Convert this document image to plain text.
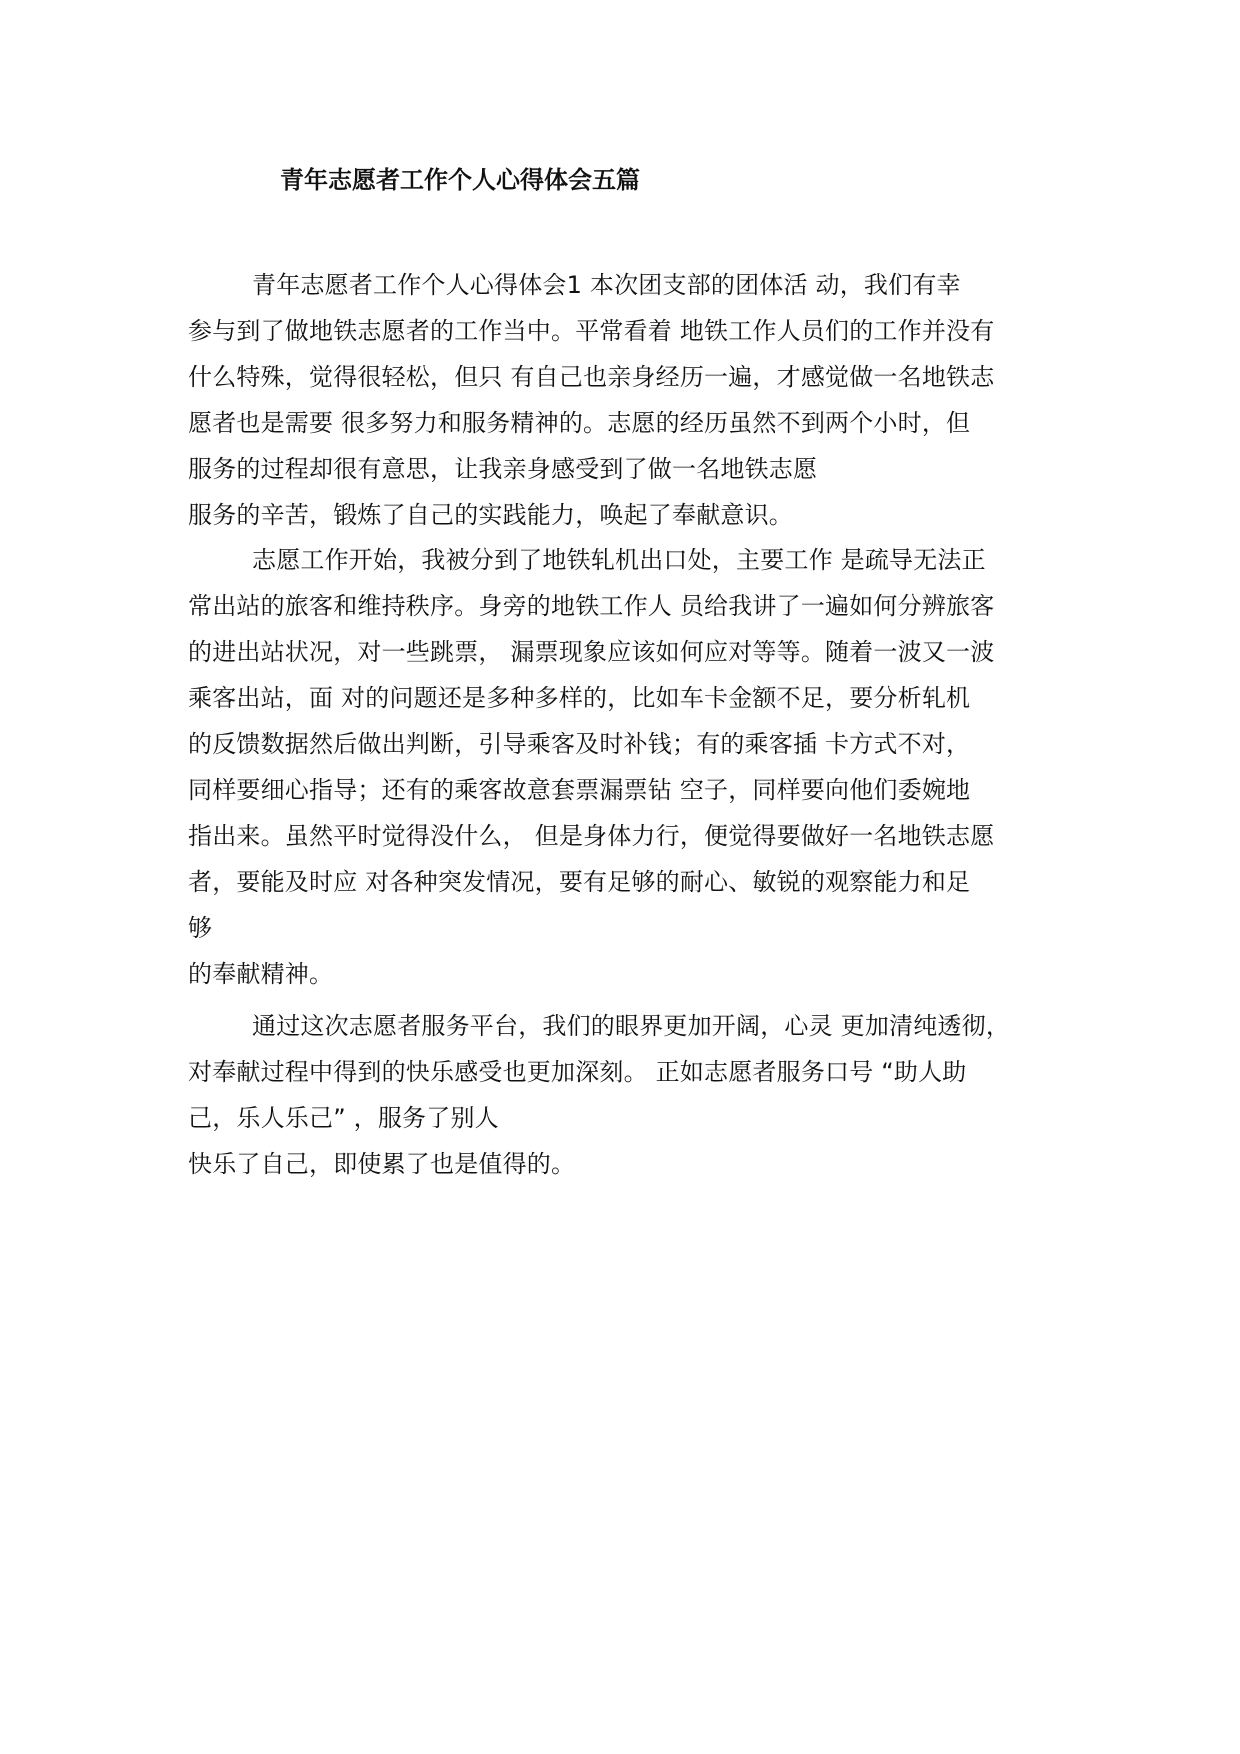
青年志愿者工作个人心得体会五篇
青年志愿者工作个人心得体会1 本次团支部的团体活 动，我们有幸
参与到了做地铁志愿者的工作当中。平常看着 地铁工作人员们的工作并没有
什么特殊，觉得很轻松，但只 有自己也亲身经历一遍，才感觉做一名地铁志
愿者也是需要 很多努力和服务精神的。志愿的经历虽然不到两个小时，但
服务的过程却很有意思，让我亲身感受到了做一名地铁志愿
服务的辛苦，锻炼了自己的实践能力，唤起了奉献意识。
志愿工作开始，我被分到了地铁轧机出口处，主要工作 是疏导无法正
常出站的旅客和维持秩序。身旁的地铁工作人 员给我讲了一遍如何分辨旅客
的进出站状况，对一些跳票， 漏票现象应该如何应对等等。随着一波又一波
乘客出站，面 对的问题还是多种多样的，比如车卡金额不足，要分析轧机
的反馈数据然后做出判断，引导乘客及时补钱；有的乘客插 卡方式不对，
同样要细心指导；还有的乘客故意套票漏票钻 空子，同样要向他们委婉地
指出来。虽然平时觉得没什么， 但是身体力行，便觉得要做好一名地铁志愿
者，要能及时应 对各种突发情况，要有足够的耐心、敏锐的观察能力和足
够
的奉献精神。
通过这次志愿者服务平台，我们的眼界更加开阔，心灵 更加清纯透彻，
对奉献过程中得到的快乐感受也更加深刻。 正如志愿者服务口号 “助人助
己，乐人乐己” ，服务了别人
快乐了自己，即使累了也是值得的。
